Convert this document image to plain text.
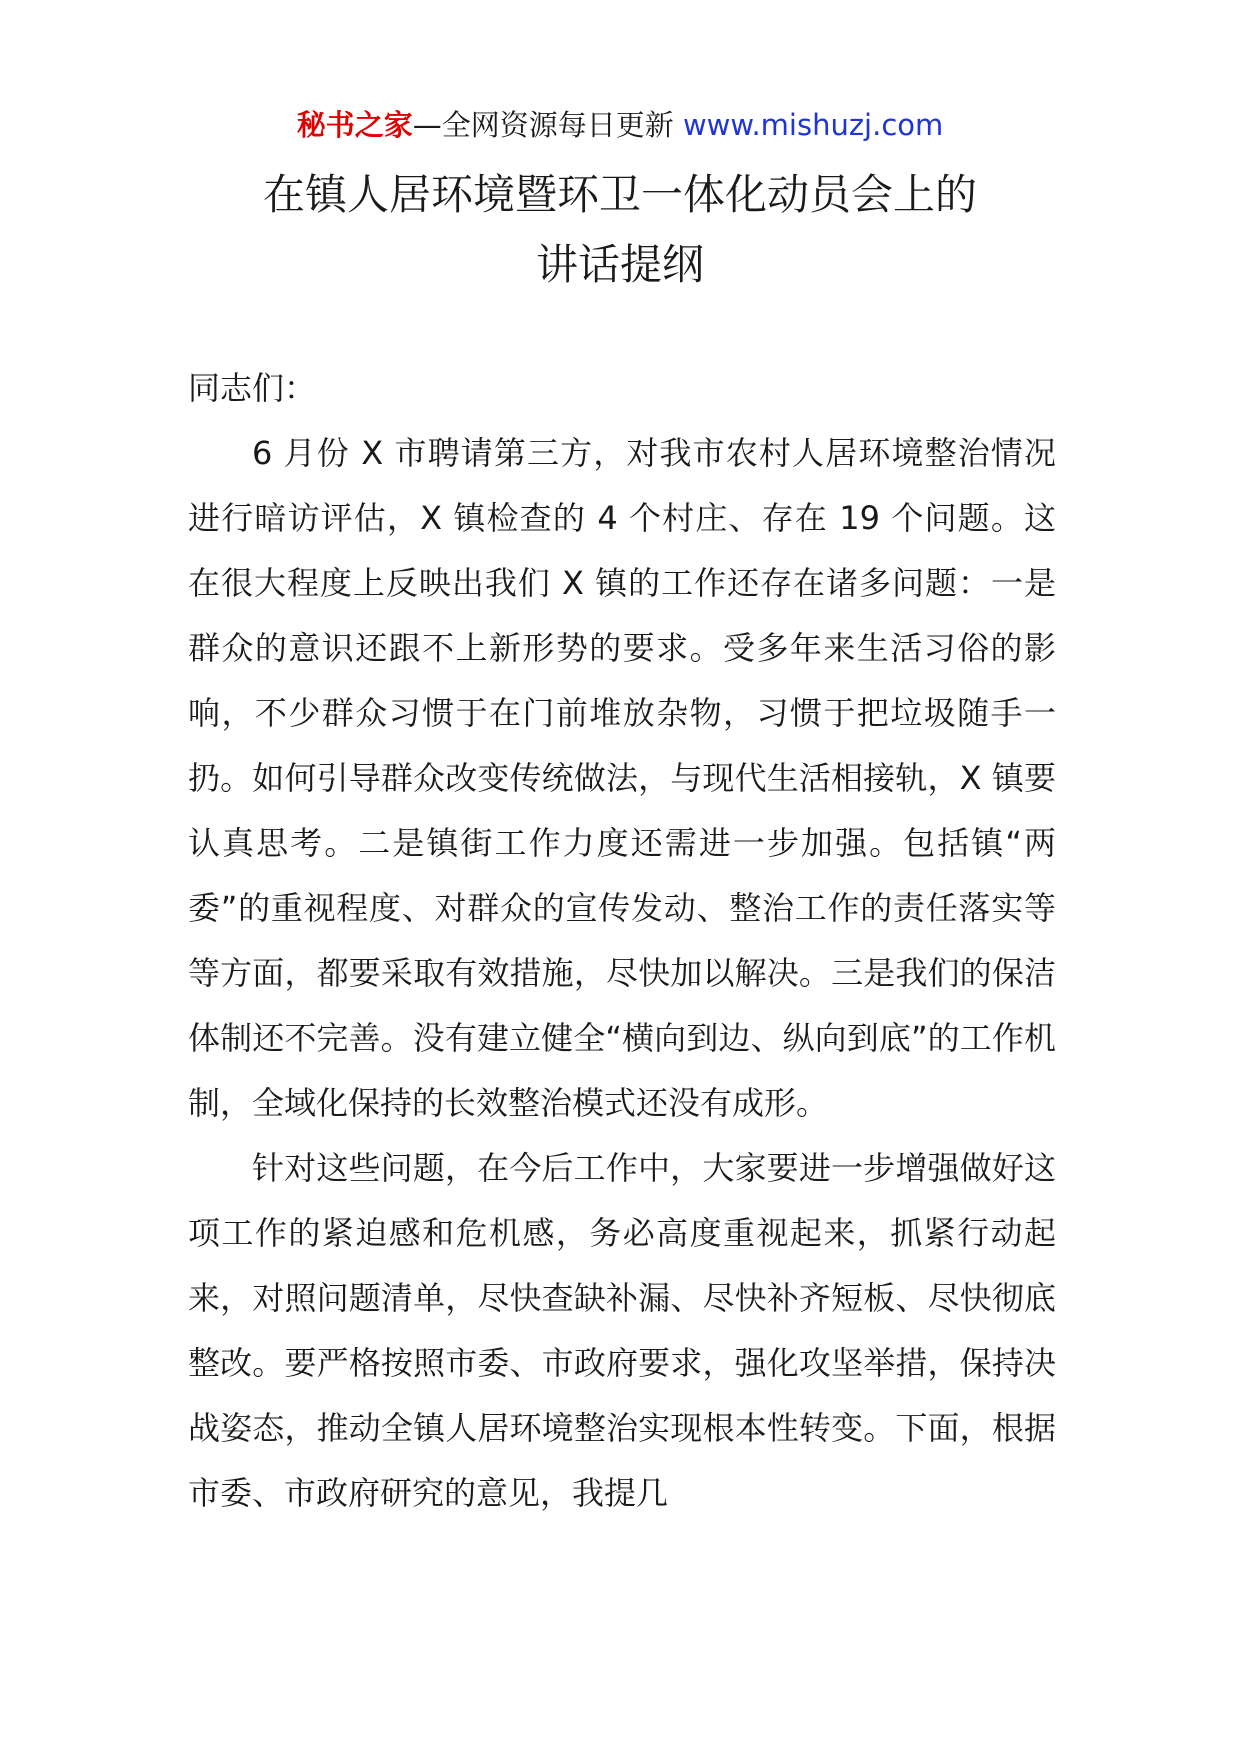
秘书之家—全网资源每日更新 www.mishuzj.com
在镇人居环境暨环卫一体化动员会上的
讲话提纲

同志们：

6 月份 X 市聘请第三方，对我市农村人居环境整治情况进行暗访评估，X 镇检查的 4 个村庄、存在 19 个问题。这在很大程度上反映出我们 X 镇的工作还存在诸多问题：一是群众的意识还跟不上新形势的要求。受多年来生活习俗的影响，不少群众习惯于在门前堆放杂物，习惯于把垃圾随手一扔。如何引导群众改变传统做法，与现代生活相接轨，X 镇要认真思考。二是镇街工作力度还需进一步加强。包括镇“两委”的重视程度、对群众的宣传发动、整治工作的责任落实等等方面，都要采取有效措施，尽快加以解决。三是我们的保洁体制还不完善。没有建立健全“横向到边、纵向到底”的工作机制，全域化保持的长效整治模式还没有成形。

针对这些问题，在今后工作中，大家要进一步增强做好这项工作的紧迫感和危机感，务必高度重视起来，抓紧行动起来，对照问题清单，尽快查缺补漏、尽快补齐短板、尽快彻底整改。要严格按照市委、市政府要求，强化攻坚举措，保持决战姿态，推动全镇人居环境整治实现根本性转变。下面，根据市委、市政府研究的意见，我提几
